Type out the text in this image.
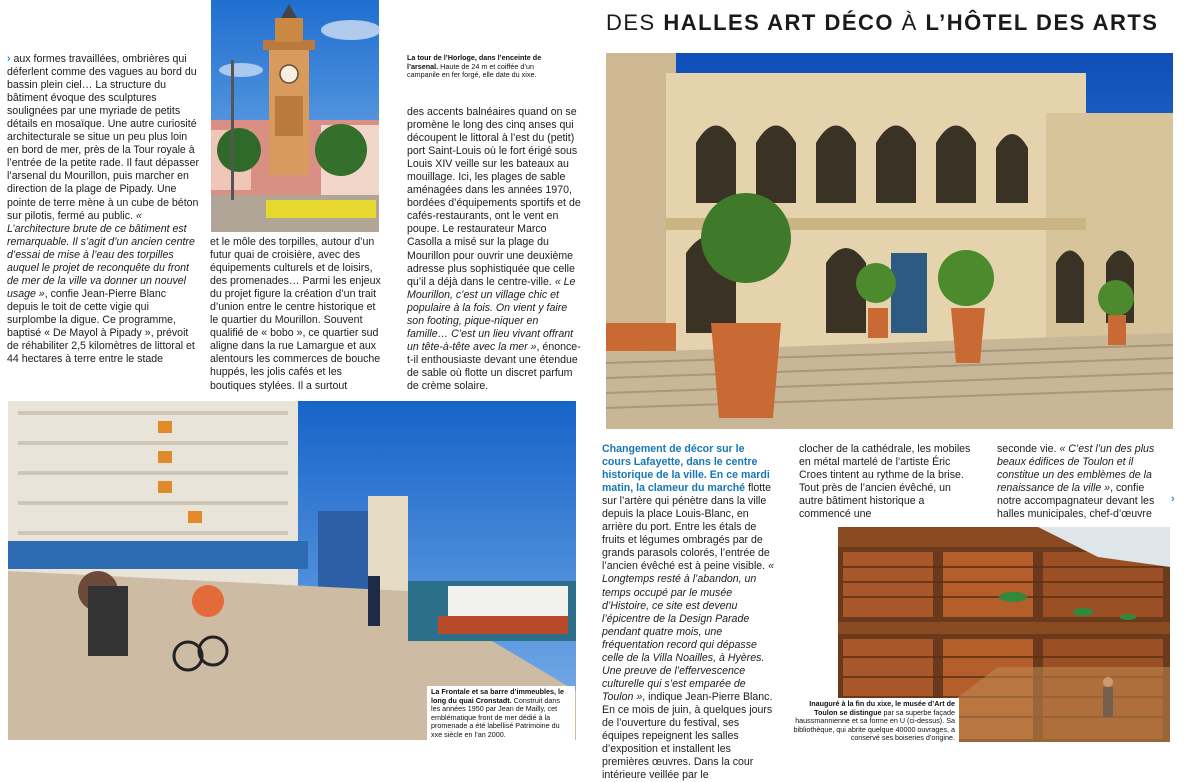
La tour de l’Horloge, dans l’enceinte de l’arsenal. Haute de 24 m et coiffée d’un campanile en fer forgé, elle date du xixe.
DES HALLES ART DÉCO À L’HÔTEL DES ARTS

› aux formes travaillées, ombrières qui déferlent comme des vagues au bord du bassin plein ciel… La structure du bâtiment évoque des sculptures soulignées par une myriade de petits détails en mosaïque. Une autre curiosité architecturale se situe un peu plus loin en bord de mer, près de la Tour royale à l’entrée de la petite rade. Il faut dépasser l’arsenal du Mourillon, puis marcher en direction de la plage de Pipady. Une pointe de terre mène à un cube de béton sur pilotis, fermé au public. « L’architecture brute de ce bâtiment est remarquable. Il s’agit d’un ancien centre d’essai de mise à l’eau des torpilles auquel le projet de reconquête du front de mer de la ville va donner un nouvel usage », confie Jean-Pierre Blanc depuis le toit de cette vigie qui surplombe la digue. Ce programme, baptisé « De Mayol à Pipady », prévoit de réhabiliter 2,5 kilomètres de littoral et 44 hectares à terre entre le stade

et le môle des torpilles, autour d’un futur quai de croisière, avec des équipements culturels et de loisirs, des promenades… Parmi les enjeux du projet figure la création d’un trait d’union entre le centre historique et le quartier du Mourillon. Souvent qualifié de « bobo », ce quartier sud aligne dans la rue Lamargue et aux alentours les commerces de bouche huppés, les jolis cafés et les boutiques stylées. Il a surtout

des accents balnéaires quand on se promène le long des cinq anses qui découpent le littoral à l’est du (petit) port Saint-Louis où le fort érigé sous Louis XIV veille sur les bateaux au mouillage. Ici, les plages de sable aménagées dans les années 1970, bordées d’équipements sportifs et de cafés-restaurants, ont le vent en poupe. Le restaurateur Marco Casolla a misé sur la plage du Mourillon pour ouvrir une deuxième adresse plus sophistiquée que celle qu’il a déjà dans le centre-ville. « Le Mourillon, c’est un village chic et populaire à la fois. On vient y faire son footing, pique-niquer en famille… C’est un lieu vivant offrant un tête-à-tête avec la mer », énonce-t-il enthousiaste devant une étendue de sable où flotte un discret parfum de crème solaire.

La Frontale et sa barre d’immeubles, le long du quai Cronstadt. Construit dans les années 1950 par Jean de Mailly, cet emblématique front de mer dédié à la promenade a été labellisé Patrimoine du xxe siècle en l’an 2000.

Changement de décor sur le cours Lafayette, dans le centre historique de la ville. En ce mardi matin, la clameur du marché flotte sur l’artère qui pénètre dans la ville depuis la place Louis-Blanc, en arrière du port. Entre les étals de fruits et légumes ombragés par de grands parasols colorés, l’entrée de l’ancien évêché est à peine visible. « Longtemps resté à l’abandon, un temps occupé par le musée d’Histoire, ce site est devenu l’épicentre de la Design Parade pendant quatre mois, une fréquentation record qui dépasse celle de la Villa Noailles, à Hyères. Une preuve de l’effervescence culturelle qui s’est emparée de Toulon », indique Jean-Pierre Blanc. En ce mois de juin, à quelques jours de l’ouverture du festival, ses équipes repeignent les salles d’exposition et installent les premières œuvres. Dans la cour intérieure veillée par le

clocher de la cathédrale, les mobiles en métal martelé de l’artiste Éric Croes tintent au rythme de la brise. Tout près de l’ancien évêché, un autre bâtiment historique a commencé une

seconde vie. « C’est l’un des plus beaux édifices de Toulon et il constitue un des emblèmes de la renaissance de la ville », confie notre accompagnateur devant les halles municipales, chef-d’œuvre

›
Inauguré à la fin du xixe, le musée d’Art de Toulon se distingue par sa superbe façade haussmannienne et sa forme en U (ci-dessus). Sa bibliothèque, qui abrite quelque 40000 ouvrages, a conservé ses boiseries d’origine.
